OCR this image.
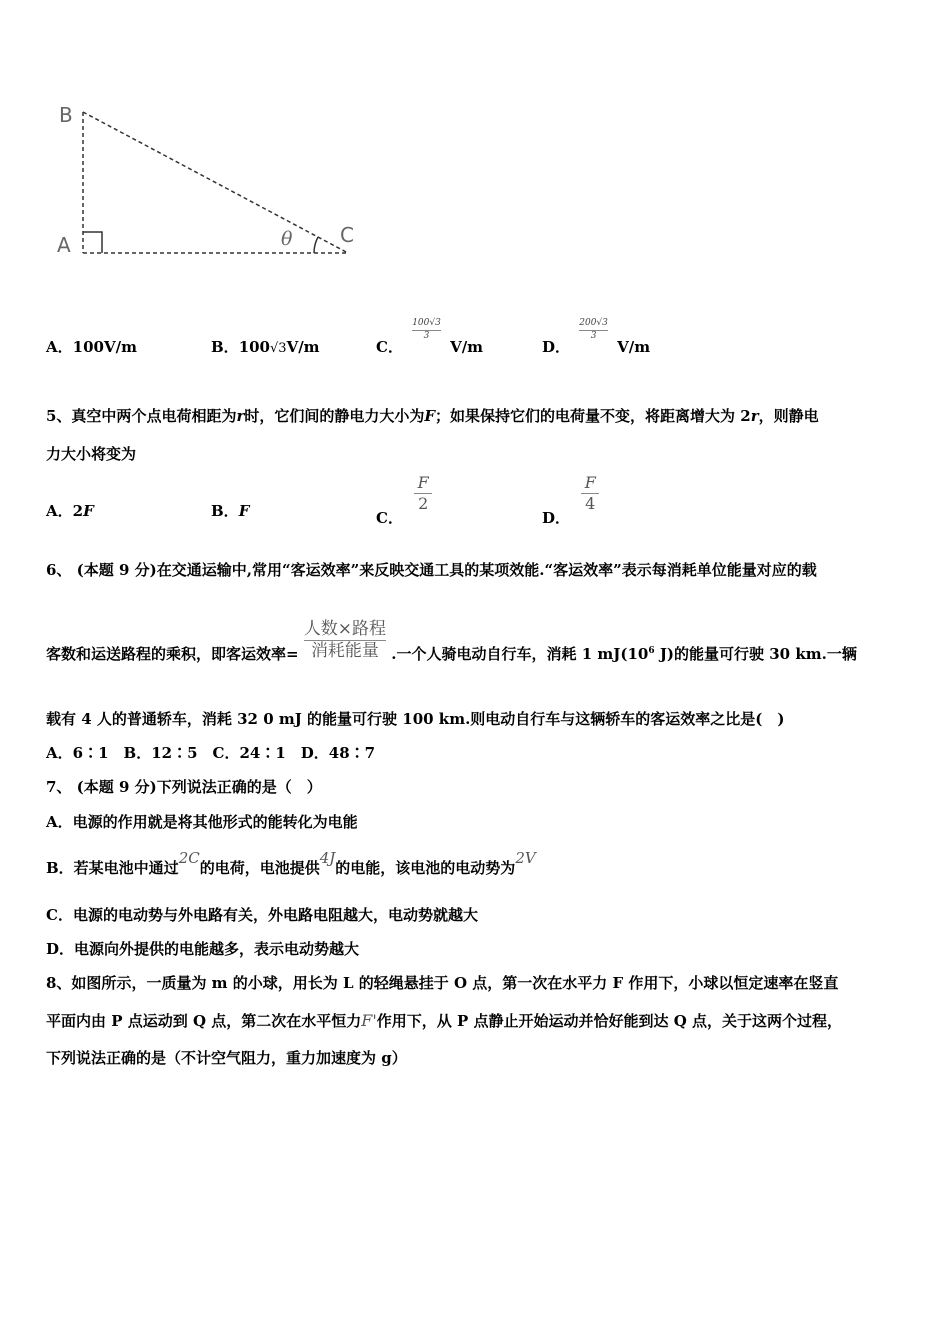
B
A	C
θ
A．100V/m	B．100√3V/m	C．
$\frac{100√3}{3}$
V/m	D．
$\frac{200√3}{3}$
V/m
5、真空中两个点电荷相距为r时，它们间的静电力大小为F；如果保持它们的电荷量不变，将距离增大为 2r，则静电
力大小将变为
A．2F	B．F	C．
$\frac{F}{2}$
D．
$\frac{F}{4}$
6、 (本题 9 分)在交通运输中,常用“客运效率”来反映交通工具的某项效能.“客运效率”表示每消耗单位能量对应的载
客数和运送路程的乘积，即客运效率= $\frac{\text{人数×路程}}{\text{消耗能量}}$ .一个人骑电动自行车，消耗 1 $mJ(10^6$ J)的能量可行驶 30 km.一辆
载有 4 人的普通轿车，消耗 32 0 mJ 的能量可行驶 100 km.则电动自行车与这辆轿车的客运效率之比是(　)
A．6∶1　B．12∶5　C．24∶1　D．48∶7
7、 (本题 9 分)下列说法正确的是（　）
A．电源的作用就是将其他形式的能转化为电能
B．若某电池中通过2C的电荷，电池提供4J的电能，该电池的电动势为2V
C．电源的电动势与外电路有关，外电路电阻越大，电动势就越大
D．电源向外提供的电能越多，表示电动势越大
8、如图所示，一质量为 m 的小球，用长为 L 的轻绳悬挂于 O 点，第一次在水平力 F 作用下，小球以恒定速率在竖直
平面内由 P 点运动到 Q 点，第二次在水平恒力F'作用下，从 P 点静止开始运动并恰好能到达 Q 点，关于这两个过程，
下列说法正确的是（不计空气阻力，重力加速度为 g）
